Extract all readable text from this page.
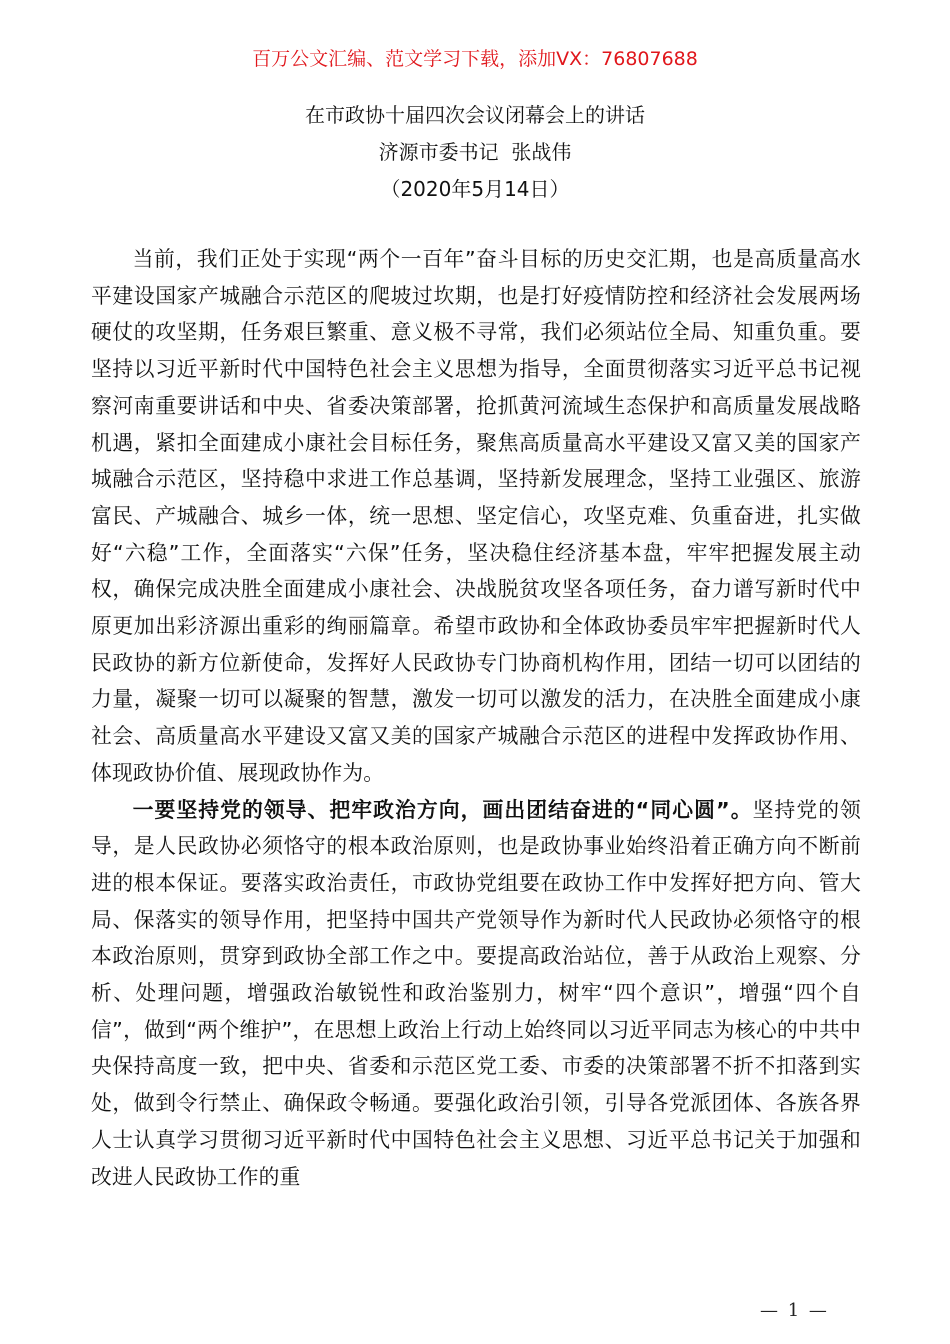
百万公文汇编、范文学习下载，添加VX：76807688
在市政协十届四次会议闭幕会上的讲话
济源市委书记  张战伟
（2020年5月14日）

当前，我们正处于实现“两个一百年”奋斗目标的历史交汇期，也是高质量高水平建设国家产城融合示范区的爬坡过坎期，也是打好疫情防控和经济社会发展两场硬仗的攻坚期，任务艰巨繁重、意义极不寻常，我们必须站位全局、知重负重。要坚持以习近平新时代中国特色社会主义思想为指导，全面贯彻落实习近平总书记视察河南重要讲话和中央、省委决策部署，抢抓黄河流域生态保护和高质量发展战略机遇，紧扣全面建成小康社会目标任务，聚焦高质量高水平建设又富又美的国家产城融合示范区，坚持稳中求进工作总基调，坚持新发展理念，坚持工业强区、旅游富民、产城融合、城乡一体，统一思想、坚定信心，攻坚克难、负重奋进，扎实做好“六稳”工作，全面落实“六保”任务，坚决稳住经济基本盘，牢牢把握发展主动权，确保完成决胜全面建成小康社会、决战脱贫攻坚各项任务，奋力谱写新时代中原更加出彩济源出重彩的绚丽篇章。希望市政协和全体政协委员牢牢把握新时代人民政协的新方位新使命，发挥好人民政协专门协商机构作用，团结一切可以团结的力量，凝聚一切可以凝聚的智慧，激发一切可以激发的活力，在决胜全面建成小康社会、高质量高水平建设又富又美的国家产城融合示范区的进程中发挥政协作用、体现政协价值、展现政协作为。

一要坚持党的领导、把牢政治方向，画出团结奋进的“同心圆”。坚持党的领导，是人民政协必须恪守的根本政治原则，也是政协事业始终沿着正确方向不断前进的根本保证。要落实政治责任，市政协党组要在政协工作中发挥好把方向、管大局、保落实的领导作用，把坚持中国共产党领导作为新时代人民政协必须恪守的根本政治原则，贯穿到政协全部工作之中。要提高政治站位，善于从政治上观察、分析、处理问题，增强政治敏锐性和政治鉴别力，树牢“四个意识”，增强“四个自信”，做到“两个维护”，在思想上政治上行动上始终同以习近平同志为核心的中共中央保持高度一致，把中央、省委和示范区党工委、市委的决策部署不折不扣落到实处，做到令行禁止、确保政令畅通。要强化政治引领，引导各党派团体、各族各界人士认真学习贯彻习近平新时代中国特色社会主义思想、习近平总书记关于加强和改进人民政协工作的重

— 1 —
